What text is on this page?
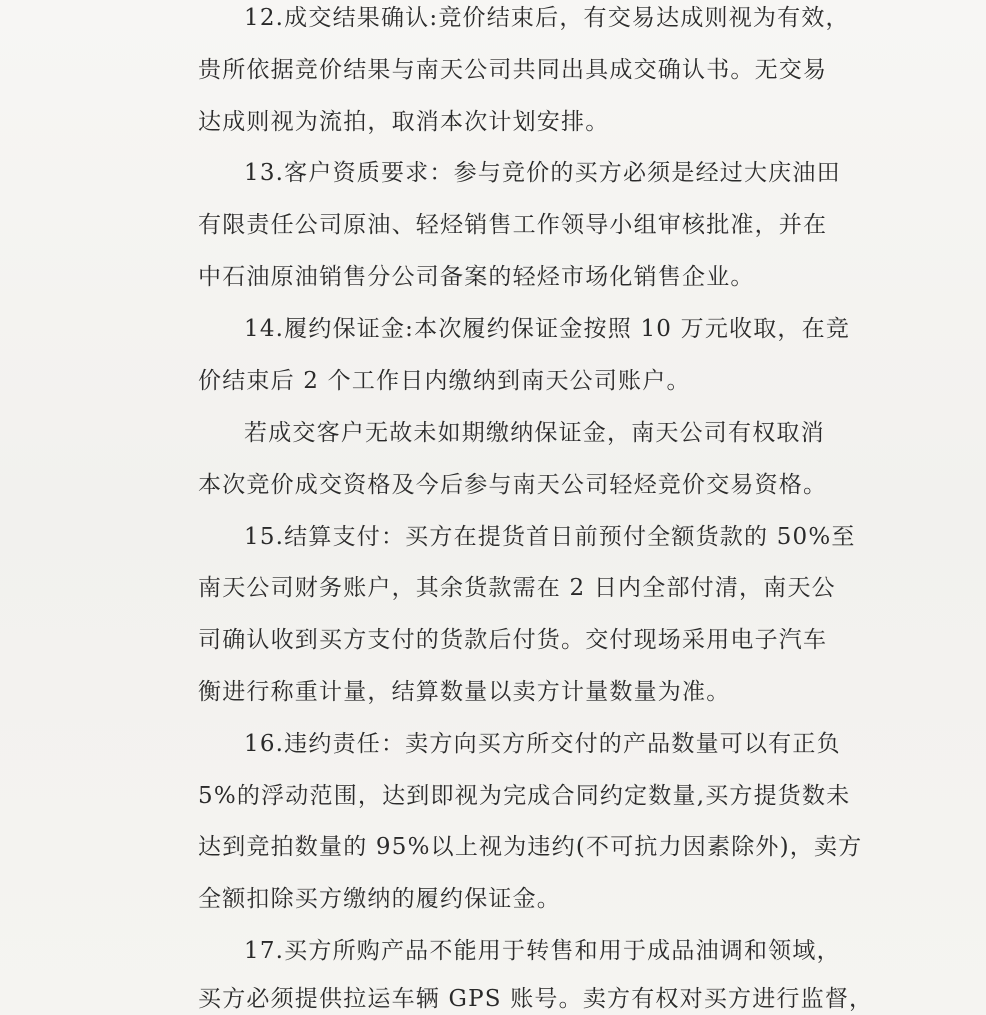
12.成交结果确认:竞价结束后，有交易达成则视为有效，
贵所依据竞价结果与南天公司共同出具成交确认书。无交易
达成则视为流拍，取消本次计划安排。
13.客户资质要求：参与竞价的买方必须是经过大庆油田
有限责任公司原油、轻烃销售工作领导小组审核批准，并在
中石油原油销售分公司备案的轻烃市场化销售企业。
14.履约保证金:本次履约保证金按照 10 万元收取，在竞
价结束后 2 个工作日内缴纳到南天公司账户。
若成交客户无故未如期缴纳保证金，南天公司有权取消
本次竞价成交资格及今后参与南天公司轻烃竞价交易资格。
15.结算支付：买方在提货首日前预付全额货款的 50%至
南天公司财务账户，其余货款需在 2 日内全部付清，南天公
司确认收到买方支付的货款后付货。交付现场采用电子汽车
衡进行称重计量，结算数量以卖方计量数量为准。
16.违约责任：卖方向买方所交付的产品数量可以有正负
5%的浮动范围，达到即视为完成合同约定数量,买方提货数未
达到竞拍数量的 95%以上视为违约(不可抗力因素除外)，卖方
全额扣除买方缴纳的履约保证金。
17.买方所购产品不能用于转售和用于成品油调和领域，
买方必须提供拉运车辆 GPS 账号。卖方有权对买方进行监督，
